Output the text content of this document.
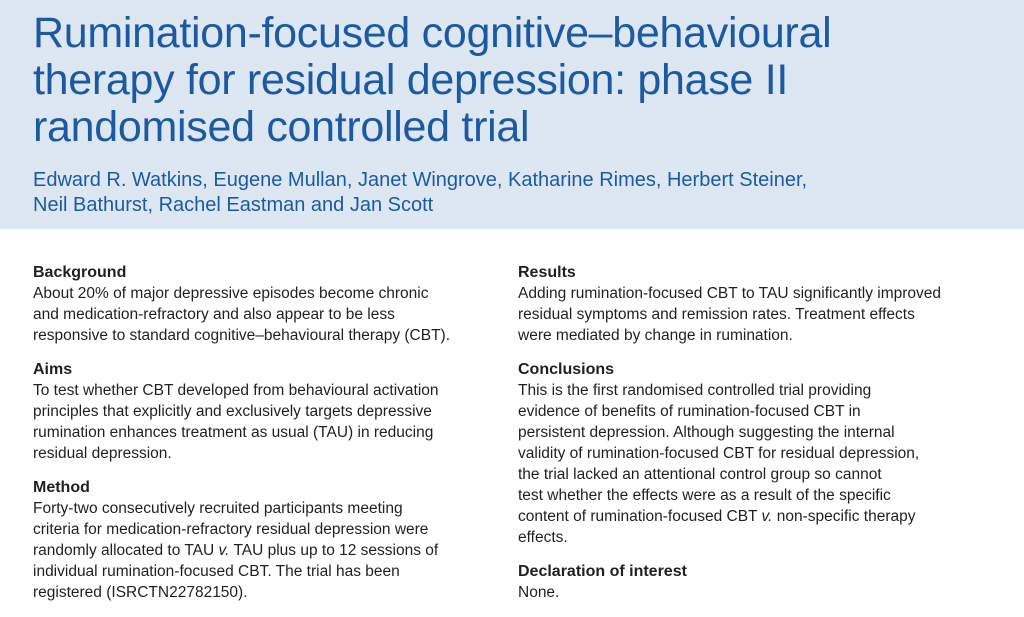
Rumination-focused cognitive–behavioural
therapy for residual depression: phase II
randomised controlled trial
Edward R. Watkins, Eugene Mullan, Janet Wingrove, Katharine Rimes, Herbert Steiner,
Neil Bathurst, Rachel Eastman and Jan Scott

Background

About 20% of major depressive episodes become chronic
and medication-refractory and also appear to be less
responsive to standard cognitive–behavioural therapy (CBT).

Aims

To test whether CBT developed from behavioural activation
principles that explicitly and exclusively targets depressive
rumination enhances treatment as usual (TAU) in reducing
residual depression.

Method

Forty-two consecutively recruited participants meeting
criteria for medication-refractory residual depression were
randomly allocated to TAU v. TAU plus up to 12 sessions of
individual rumination-focused CBT. The trial has been
registered (ISRCTN22782150).

Results

Adding rumination-focused CBT to TAU significantly improved
residual symptoms and remission rates. Treatment effects
were mediated by change in rumination.

Conclusions

This is the first randomised controlled trial providing
evidence of benefits of rumination-focused CBT in
persistent depression. Although suggesting the internal
validity of rumination-focused CBT for residual depression,
the trial lacked an attentional control group so cannot
test whether the effects were as a result of the specific
content of rumination-focused CBT v. non-specific therapy
effects.

Declaration of interest

None.
